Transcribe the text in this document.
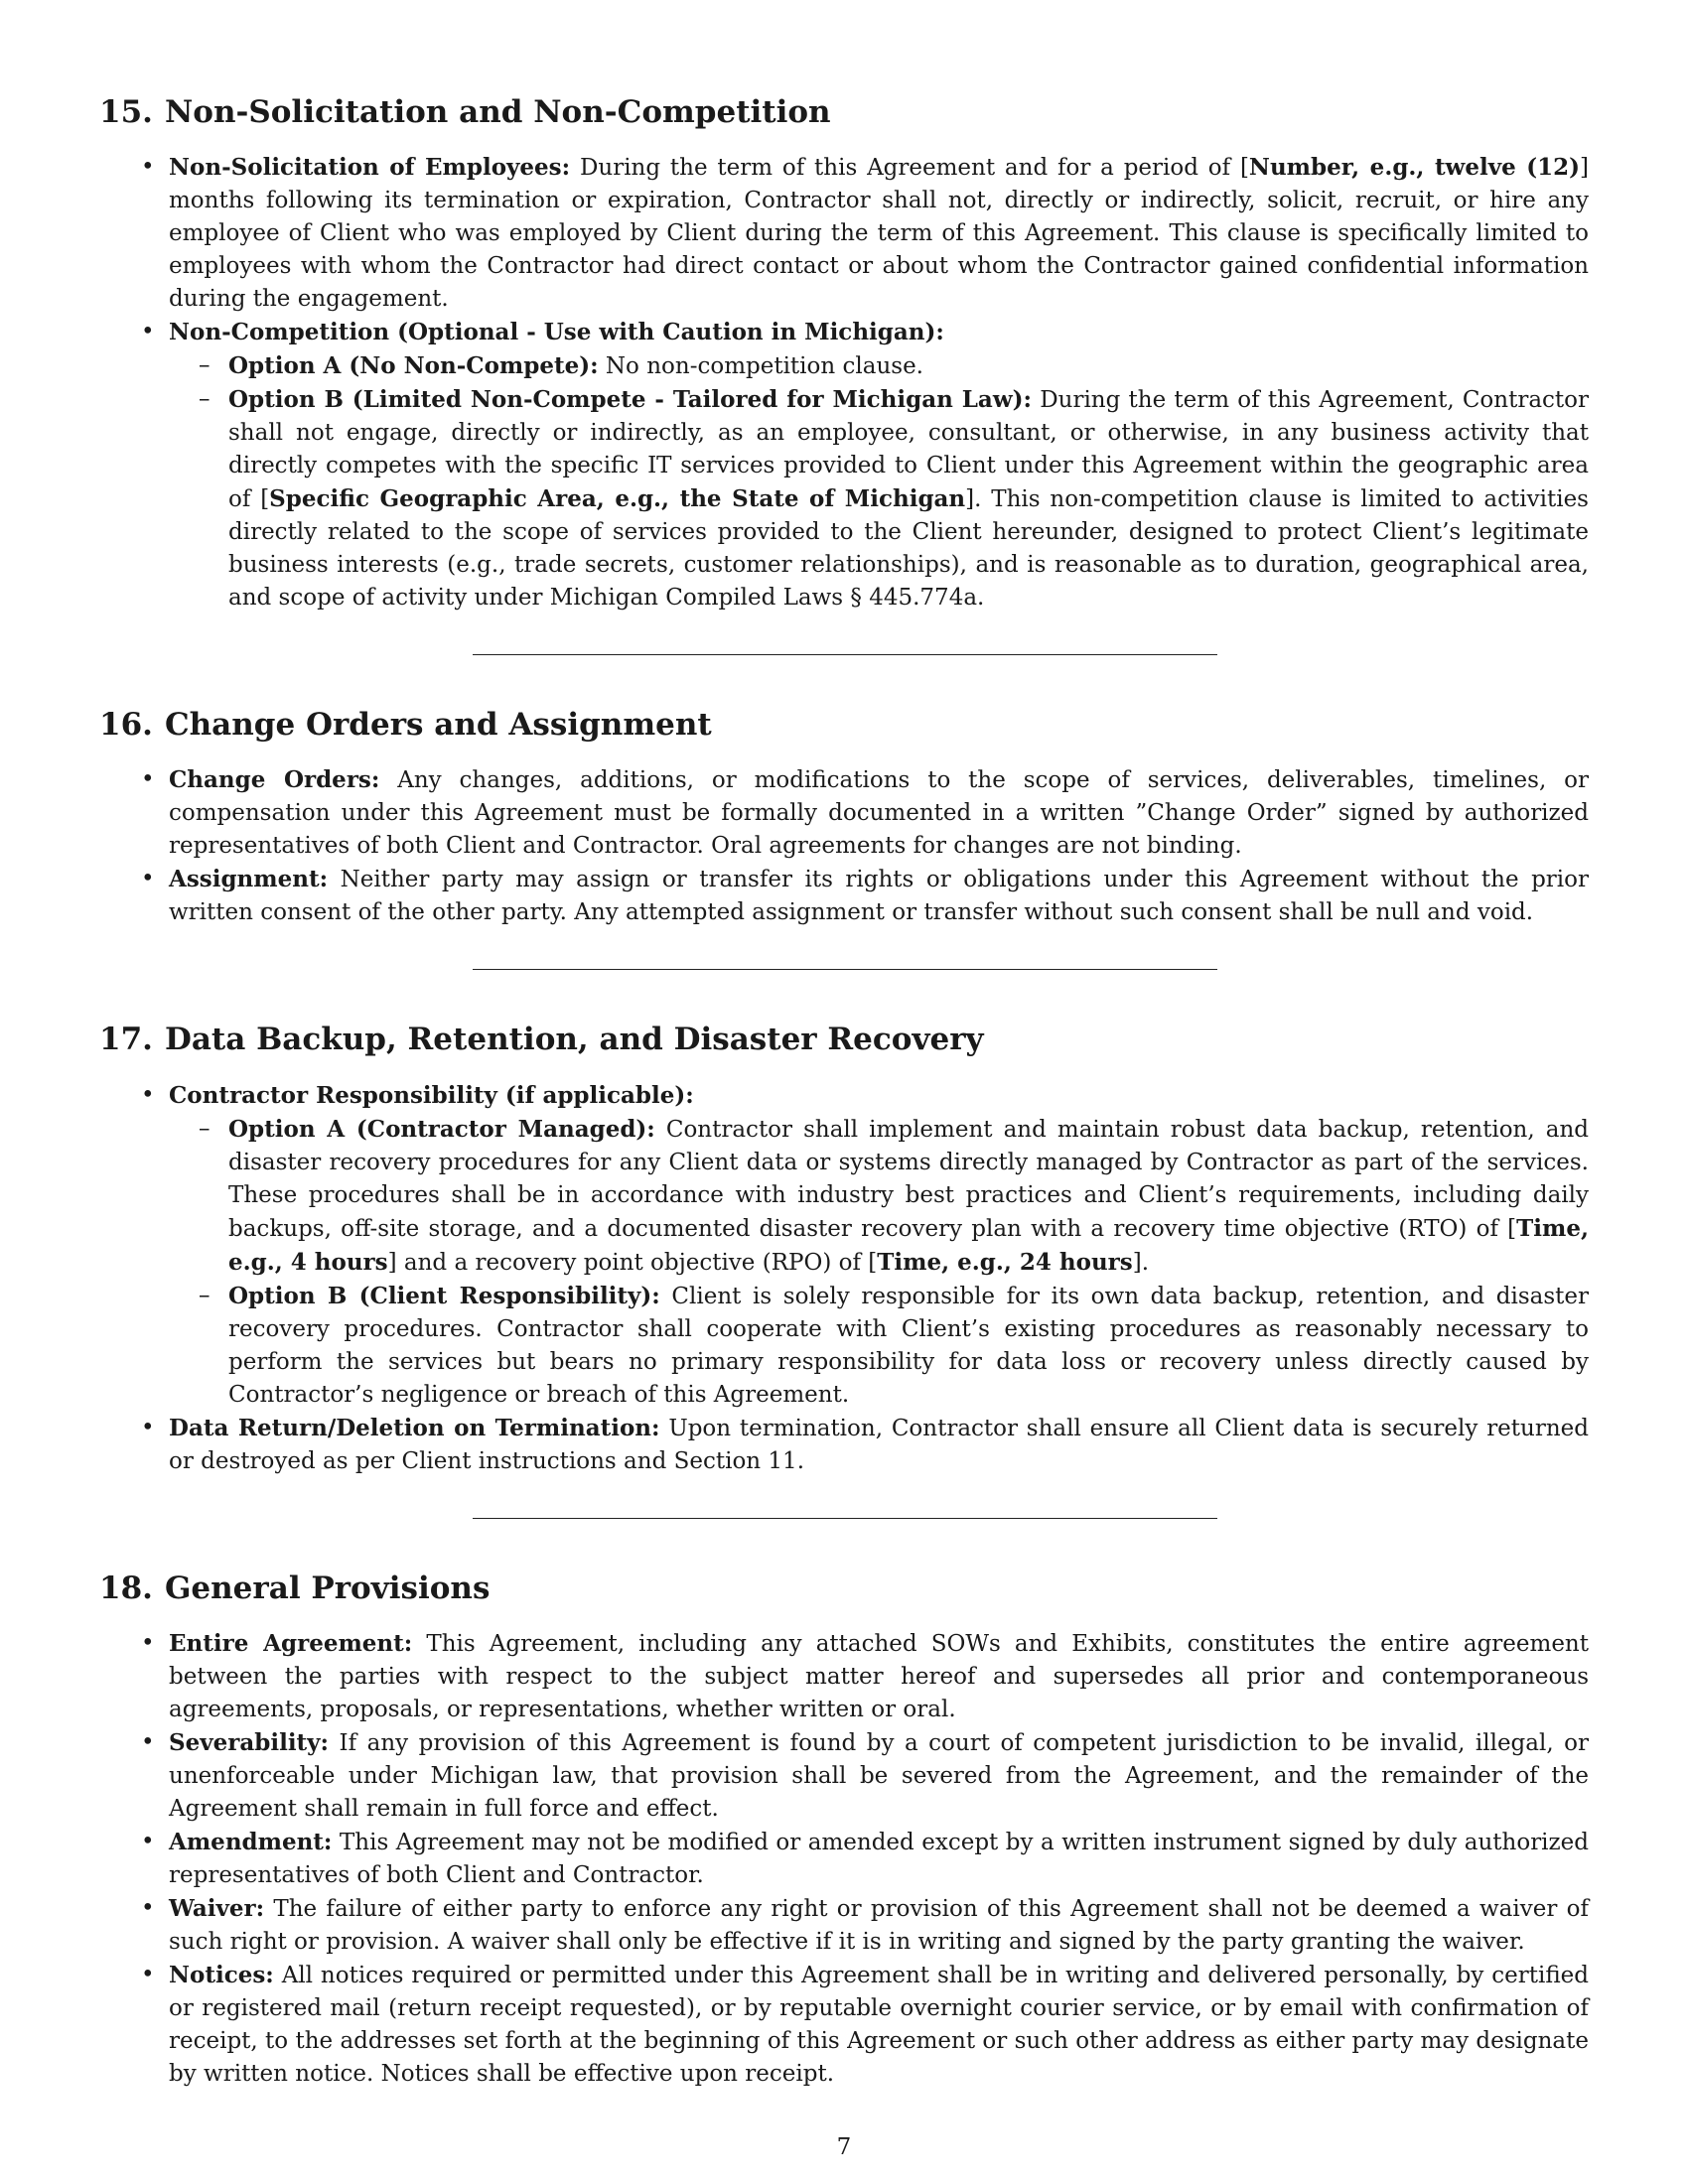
15. Non-Solicitation and Non-Competition
• Non-Solicitation of Employees: During the term of this Agreement and for a period of [Number, e.g., twelve (12)] months following its termination or expiration, Contractor shall not, directly or indirectly, solicit, recruit, or hire any employee of Client who was employed by Client during the term of this Agreement. This clause is specifically limited to employees with whom the Contractor had direct contact or about whom the Contractor gained confidential information during the engagement.
• Non-Competition (Optional - Use with Caution in Michigan):
– Option A (No Non-Compete): No non-competition clause.
– Option B (Limited Non-Compete - Tailored for Michigan Law): During the term of this Agreement, Contractor shall not engage, directly or indirectly, as an employee, consultant, or otherwise, in any business activity that directly competes with the specific IT services provided to Client under this Agreement within the geographic area of [Specific Geographic Area, e.g., the State of Michigan]. This non-competition clause is limited to activities directly related to the scope of services provided to the Client hereunder, designed to protect Client’s legitimate business interests (e.g., trade secrets, customer relationships), and is reasonable as to duration, geographical area, and scope of activity under Michigan Compiled Laws § 445.774a.
16. Change Orders and Assignment
• Change Orders: Any changes, additions, or modifications to the scope of services, deliverables, timelines, or compensation under this Agreement must be formally documented in a written ”Change Order” signed by authorized representatives of both Client and Contractor. Oral agreements for changes are not binding.
• Assignment: Neither party may assign or transfer its rights or obligations under this Agreement without the prior written consent of the other party. Any attempted assignment or transfer without such consent shall be null and void.
17. Data Backup, Retention, and Disaster Recovery
• Contractor Responsibility (if applicable):
– Option A (Contractor Managed): Contractor shall implement and maintain robust data backup, retention, and disaster recovery procedures for any Client data or systems directly managed by Contractor as part of the services. These procedures shall be in accordance with industry best practices and Client’s requirements, including daily backups, off-site storage, and a documented disaster recovery plan with a recovery time objective (RTO) of [Time, e.g., 4 hours] and a recovery point objective (RPO) of [Time, e.g., 24 hours].
– Option B (Client Responsibility): Client is solely responsible for its own data backup, retention, and disaster recovery procedures. Contractor shall cooperate with Client’s existing procedures as reasonably necessary to perform the services but bears no primary responsibility for data loss or recovery unless directly caused by Contractor’s negligence or breach of this Agreement.
• Data Return/Deletion on Termination: Upon termination, Contractor shall ensure all Client data is securely returned or destroyed as per Client instructions and Section 11.
18. General Provisions
• Entire Agreement: This Agreement, including any attached SOWs and Exhibits, constitutes the entire agreement between the parties with respect to the subject matter hereof and supersedes all prior and contemporaneous agreements, proposals, or representations, whether written or oral.
• Severability: If any provision of this Agreement is found by a court of competent jurisdiction to be invalid, illegal, or unenforceable under Michigan law, that provision shall be severed from the Agreement, and the remainder of the Agreement shall remain in full force and effect.
• Amendment: This Agreement may not be modified or amended except by a written instrument signed by duly authorized representatives of both Client and Contractor.
• Waiver: The failure of either party to enforce any right or provision of this Agreement shall not be deemed a waiver of such right or provision. A waiver shall only be effective if it is in writing and signed by the party granting the waiver.
• Notices: All notices required or permitted under this Agreement shall be in writing and delivered personally, by certified or registered mail (return receipt requested), or by reputable overnight courier service, or by email with confirmation of receipt, to the addresses set forth at the beginning of this Agreement or such other address as either party may designate by written notice. Notices shall be effective upon receipt.
7
